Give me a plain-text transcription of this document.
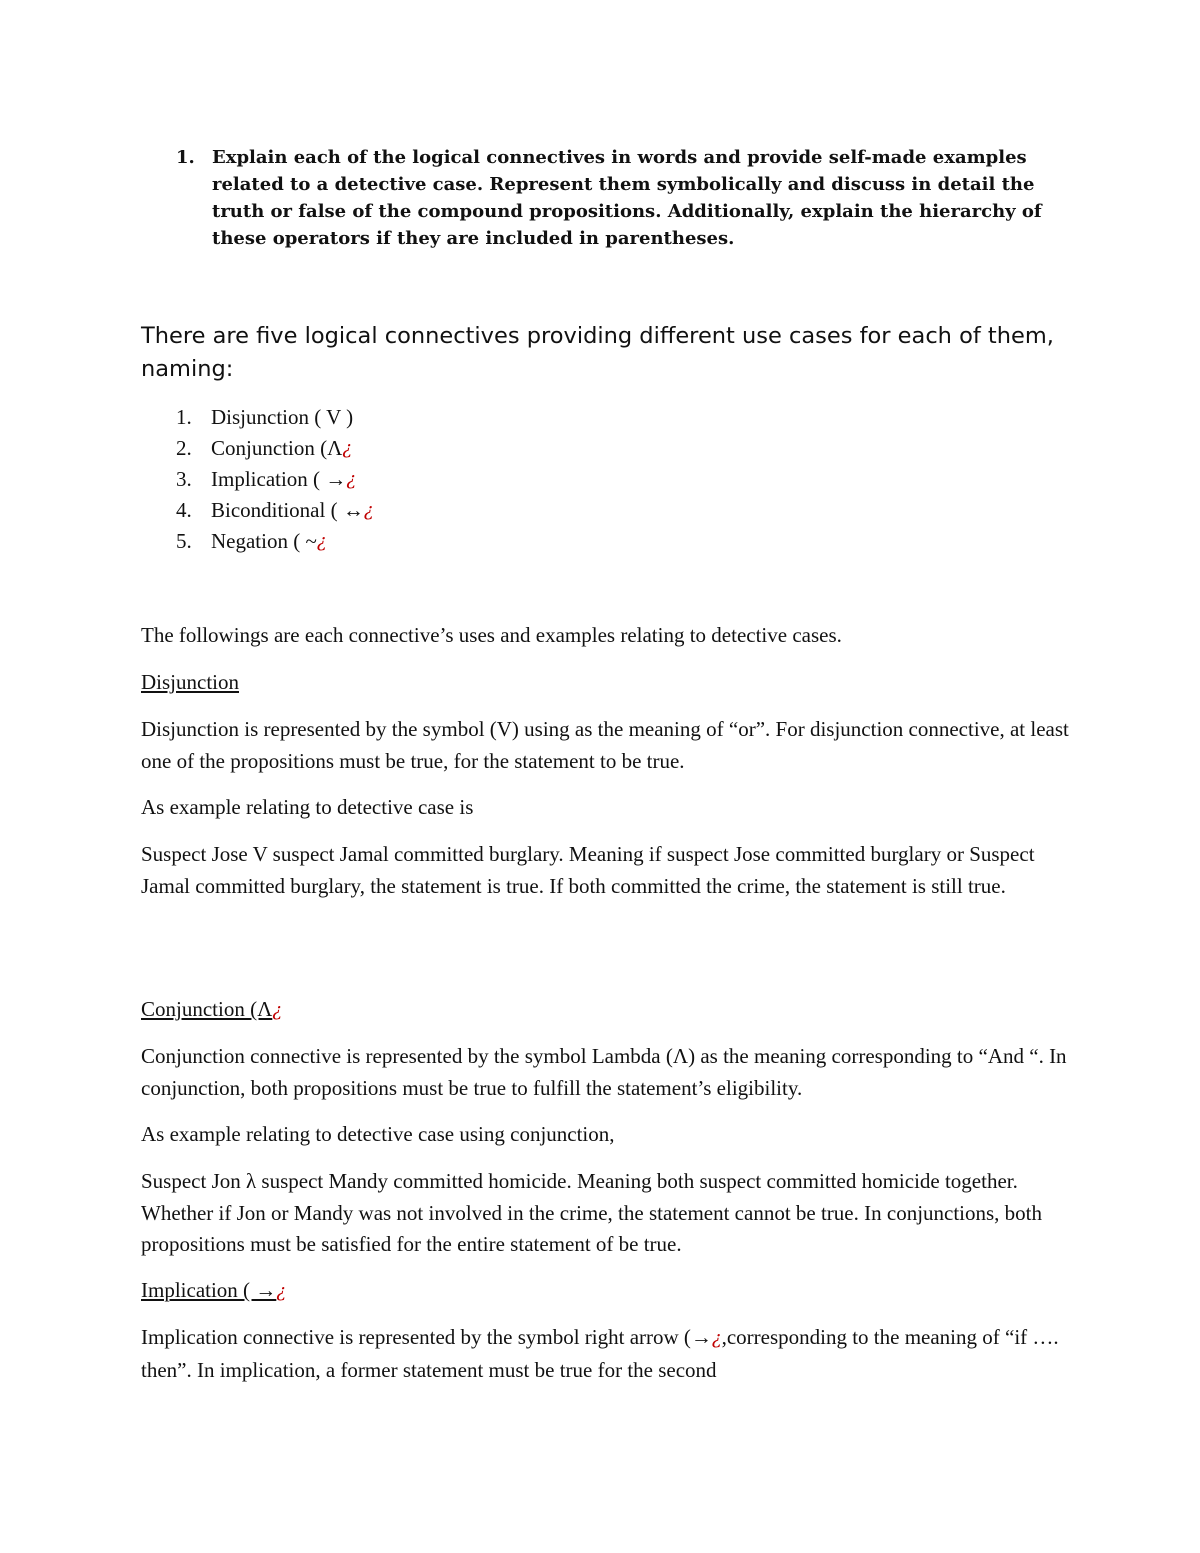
1. Explain each of the logical connectives in words and provide self-made examples related to a detective case. Represent them symbolically and discuss in detail the truth or false of the compound propositions. Additionally, explain the hierarchy of these operators if they are included in parentheses.
There are five logical connectives providing different use cases for each of them, naming:
1. Disjunction ( V )
2. Conjunction (Λ ¿
3. Implication ( → ¿
4. Biconditional ( ↔ ¿
5. Negation ( ~ ¿

The followings are each connective’s uses and examples relating to detective cases.

Disjunction

Disjunction is represented by the symbol (V) using as the meaning of “or”. For disjunction connective, at least one of the propositions must be true, for the statement to be true.

As example relating to detective case is

Suspect Jose V suspect Jamal committed burglary. Meaning if suspect Jose committed burglary or Suspect Jamal committed burglary, the statement is true. If both committed the crime, the statement is still true.

Conjunction (Λ¿

Conjunction connective is represented by the symbol Lambda (Λ) as the meaning corresponding to “And “. In conjunction, both propositions must be true to fulfill the statement’s eligibility.

As example relating to detective case using conjunction,

Suspect Jon λ suspect Mandy committed homicide. Meaning both suspect committed homicide together. Whether if Jon or Mandy was not involved in the crime, the statement cannot be true. In conjunctions, both propositions must be satisfied for the entire statement of be true.

Implication ( →¿

Implication connective is represented by the symbol right arrow (→¿,corresponding to the meaning of “if …. then”. In implication, a former statement must be true for the second
